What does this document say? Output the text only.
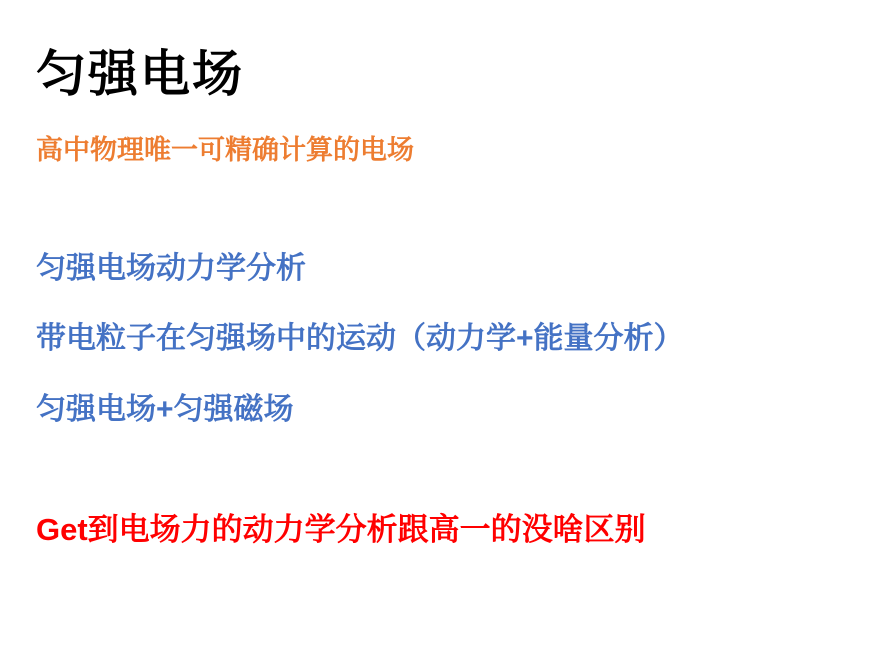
匀强电场
高中物理唯一可精确计算的电场
匀强电场动力学分析
带电粒子在匀强场中的运动（动力学+能量分析）
匀强电场+匀强磁场
Get到电场力的动力学分析跟高一的没啥区别
